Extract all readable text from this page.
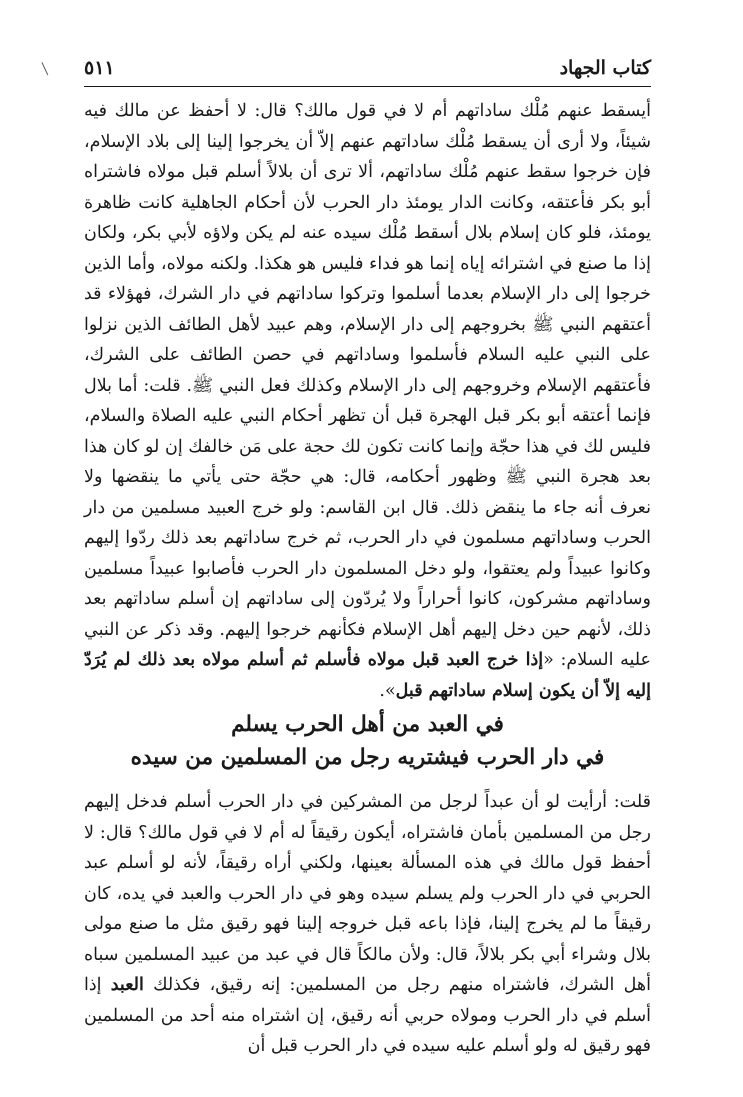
كتاب الجهاد
٥١١

أيسقط عنهم مُلْك ساداتهم أم لا في قول مالك؟ قال: لا أحفظ عن مالك فيه شيئاً، ولا أرى أن يسقط مُلْك ساداتهم عنهم إلاّ أن يخرجوا إلينا إلى بلاد الإسلام، فإن خرجوا سقط عنهم مُلْك ساداتهم، ألا ترى أن بلالاً أسلم قبل مولاه فاشتراه أبو بكر فأعتقه، وكانت الدار يومئذ دار الحرب لأن أحكام الجاهلية كانت ظاهرة يومئذ، فلو كان إسلام بلال أسقط مُلْك سيده عنه لم يكن ولاؤه لأبي بكر، ولكان إذا ما صنع في اشترائه إياه إنما هو فداء فليس هو هكذا. ولكنه مولاه، وأما الذين خرجوا إلى دار الإسلام بعدما أسلموا وتركوا ساداتهم في دار الشرك، فهؤلاء قد أعتقهم النبي ﷺ بخروجهم إلى دار الإسلام، وهم عبيد لأهل الطائف الذين نزلوا على النبي عليه السلام فأسلموا وساداتهم في حصن الطائف على الشرك، فأعتقهم الإسلام وخروجهم إلى دار الإسلام وكذلك فعل النبي ﷺ. قلت: أما بلال فإنما أعتقه أبو بكر قبل الهجرة قبل أن تظهر أحكام النبي عليه الصلاة والسلام، فليس لك في هذا حجّة وإنما كانت تكون لك حجة على مَن خالفك إن لو كان هذا بعد هجرة النبي ﷺ وظهور أحكامه، قال: هي حجّة حتى يأتي ما ينقضها ولا نعرف أنه جاء ما ينقض ذلك. قال ابن القاسم: ولو خرج العبيد مسلمين من دار الحرب وساداتهم مسلمون في دار الحرب، ثم خرج ساداتهم بعد ذلك ردّوا إليهم وكانوا عبيداً ولم يعتقوا، ولو دخل المسلمون دار الحرب فأصابوا عبيداً مسلمين وساداتهم مشركون، كانوا أحراراً ولا يُردّون إلى ساداتهم إن أسلم ساداتهم بعد ذلك، لأنهم حين دخل إليهم أهل الإسلام فكأنهم خرجوا إليهم. وقد ذكر عن النبي عليه السلام: «إذا خرج العبد قبل مولاه فأسلم ثم أسلم مولاه بعد ذلك لم يُرَدّ إليه إلاّ أن يكون إسلام ساداتهم قبل».

في العبد من أهل الحرب يسلم
في دار الحرب فيشتريه رجل من المسلمين من سيده

قلت: أرأيت لو أن عبداً لرجل من المشركين في دار الحرب أسلم فدخل إليهم رجل من المسلمين بأمان فاشتراه، أيكون رقيقاً له أم لا في قول مالك؟ قال: لا أحفظ قول مالك في هذه المسألة بعينها، ولكني أراه رقيقاً، لأنه لو أسلم عبد الحربي في دار الحرب ولم يسلم سيده وهو في دار الحرب والعبد في يده، كان رقيقاً ما لم يخرج إلينا، فإذا باعه قبل خروجه إلينا فهو رقيق مثل ما صنع مولى بلال وشراء أبي بكر بلالاً، قال: ولأن مالكاً قال في عبد من عبيد المسلمين سباه أهل الشرك، فاشتراه منهم رجل من المسلمين: إنه رقيق، فكذلك العبد إذا أسلم في دار الحرب ومولاه حربي أنه رقيق، إن اشتراه منه أحد من المسلمين فهو رقيق له ولو أسلم عليه سيده في دار الحرب قبل أن
